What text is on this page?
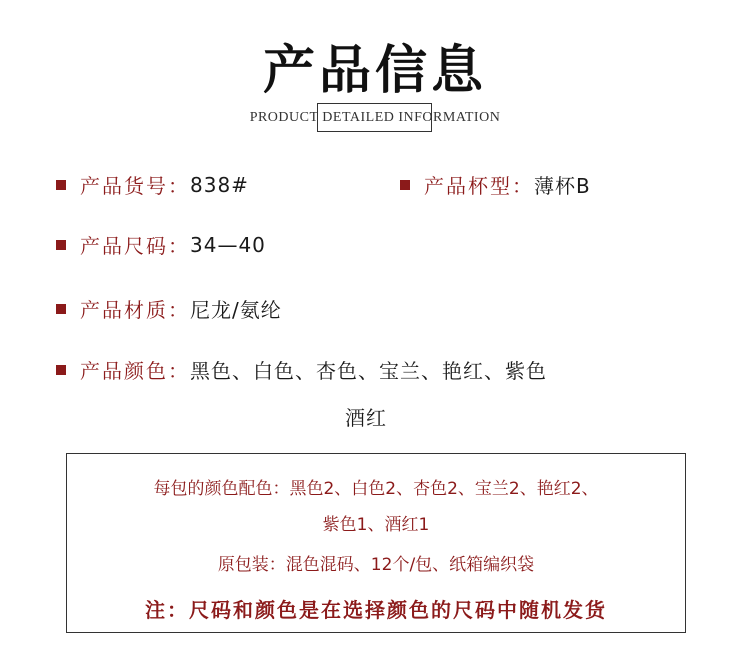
产品信息
PRODUCT DETAILED INFORMATION
产品货号： 838#	产品杯型： 薄杯B
产品尺码： 34—40
产品材质： 尼龙/氨纶
产品颜色： 黑色、白色、杏色、宝兰、艳红、紫色
酒红
每包的颜色配色：黑色2、白色2、杏色2、宝兰2、艳红2、
紫色1、酒红1
原包装：混色混码、12个/包、纸箱编织袋
注：尺码和颜色是在选择颜色的尺码中随机发货
